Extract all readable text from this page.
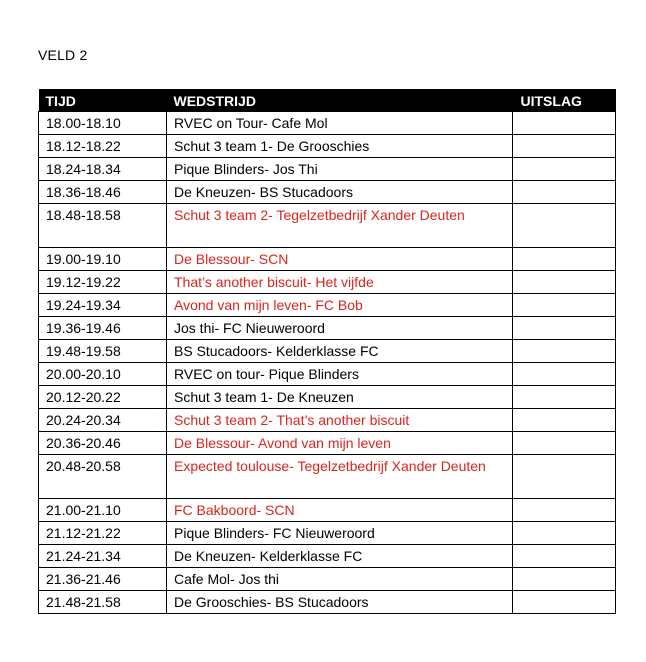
VELD 2
TIJD	WEDSTRIJD	UITSLAG
18.00-18.10	RVEC on Tour- Cafe Mol	
18.12-18.22	Schut 3 team 1- De Grooschies	
18.24-18.34	Pique Blinders- Jos Thi	
18.36-18.46	De Kneuzen- BS Stucadoors	
18.48-18.58	Schut 3 team 2- Tegelzetbedrijf Xander Deuten	
19.00-19.10	De Blessour- SCN	
19.12-19.22	That’s another biscuit- Het vijfde	
19.24-19.34	Avond van mijn leven- FC Bob	
19.36-19.46	Jos thi- FC Nieuweroord	
19.48-19.58	BS Stucadoors- Kelderklasse FC	
20.00-20.10	RVEC on tour- Pique Blinders	
20.12-20.22	Schut 3 team 1- De Kneuzen	
20.24-20.34	Schut 3 team 2- That’s another biscuit	
20.36-20.46	De Blessour- Avond van mijn leven	
20.48-20.58	Expected toulouse- Tegelzetbedrijf Xander Deuten	
21.00-21.10	FC Bakboord- SCN	
21.12-21.22	Pique Blinders- FC Nieuweroord	
21.24-21.34	De Kneuzen- Kelderklasse FC	
21.36-21.46	Cafe Mol- Jos thi	
21.48-21.58	De Grooschies- BS Stucadoors	
